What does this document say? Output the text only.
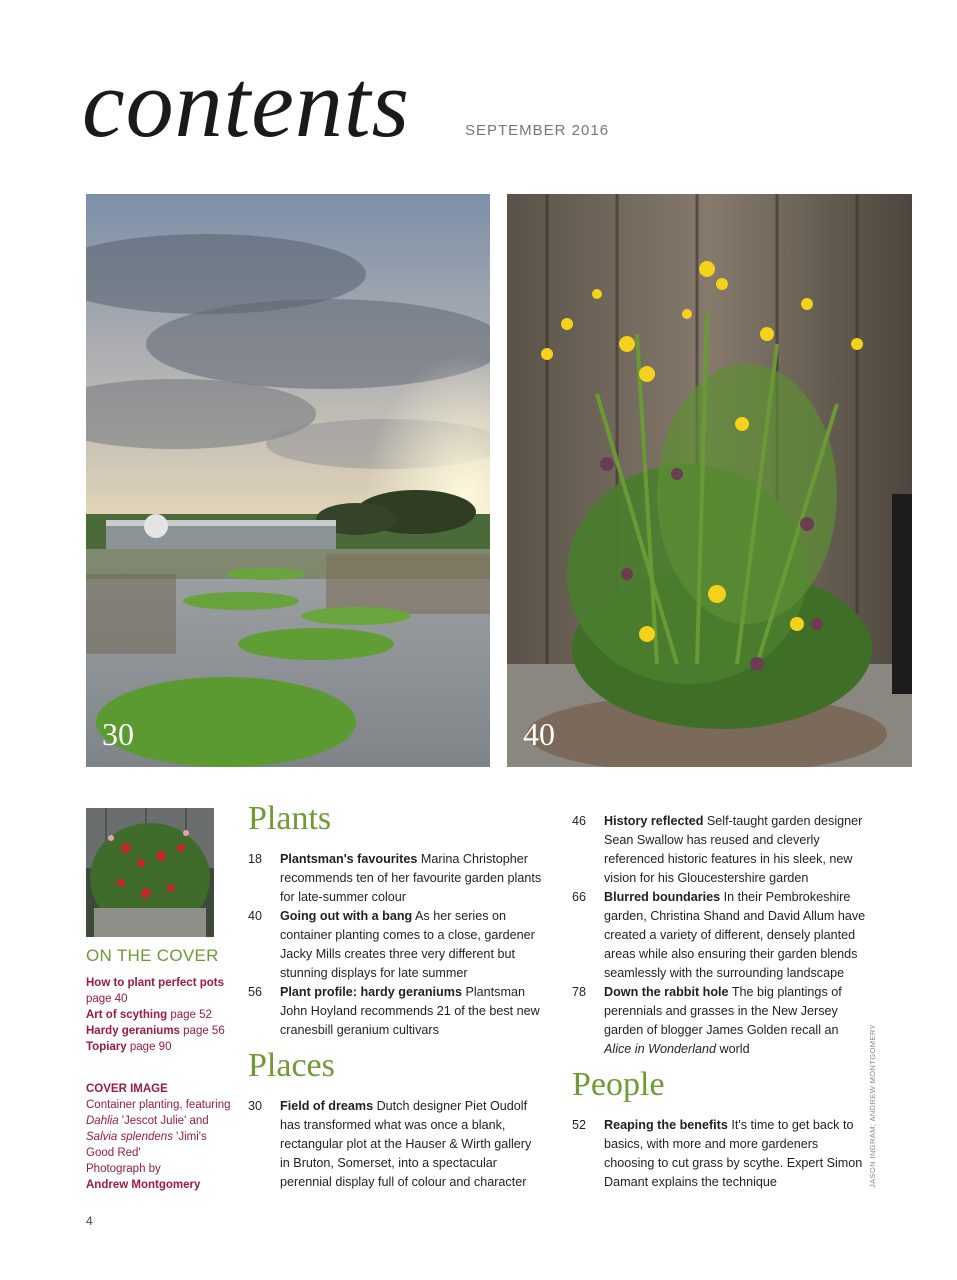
contents	SEPTEMBER 2016
30	40
ON THE COVER
How to plant perfect pots
page 40
Art of scything page 52
Hardy geraniums page 56
Topiary page 90
COVER IMAGE
Container planting, featuring Dahlia 'Jescot Julie' and Salvia splendens 'Jimi's Good Red'
Photograph by
Andrew Montgomery
Plants
18 Plantsman's favourites Marina Christopher recommends ten of her favourite garden plants for late-summer colour
40 Going out with a bang As her series on container planting comes to a close, gardener Jacky Mills creates three very different but stunning displays for late summer
56 Plant profile: hardy geraniums Plantsman John Hoyland recommends 21 of the best new cranesbill geranium cultivars
Places
30 Field of dreams Dutch designer Piet Oudolf has transformed what was once a blank, rectangular plot at the Hauser & Wirth gallery in Bruton, Somerset, into a spectacular perennial display full of colour and character
46 History reflected Self-taught garden designer Sean Swallow has reused and cleverly referenced historic features in his sleek, new vision for his Gloucestershire garden
66 Blurred boundaries In their Pembrokeshire garden, Christina Shand and David Allum have created a variety of different, densely planted areas while also ensuring their garden blends seamlessly with the surrounding landscape
78 Down the rabbit hole The big plantings of perennials and grasses in the New Jersey garden of blogger James Golden recall an Alice in Wonderland world
People
52 Reaping the benefits It's time to get back to basics, with more and more gardeners choosing to cut grass by scythe. Expert Simon Damant explains the technique	JASON INGRAM; ANDREW MONTGOMERY
4
